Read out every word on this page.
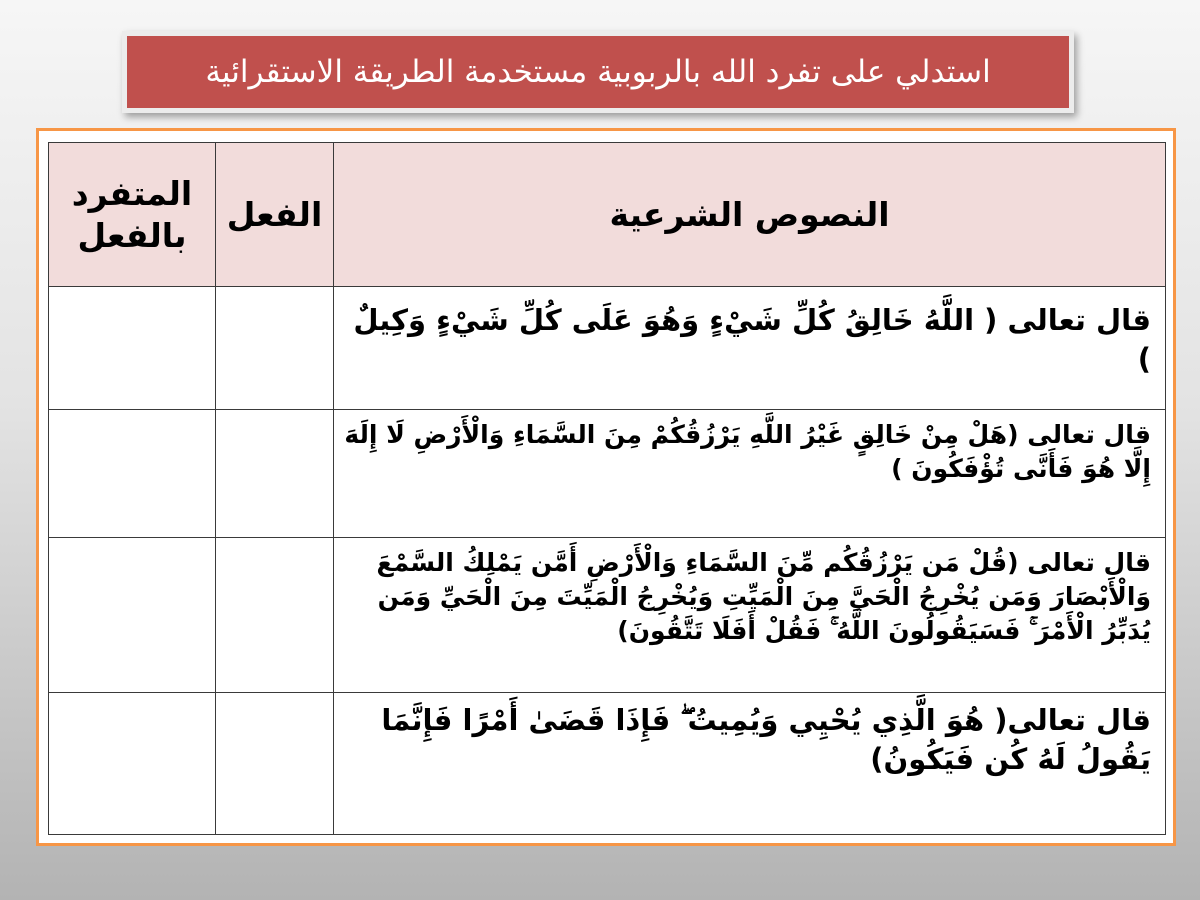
استدلي على تفرد الله بالربوبية مستخدمة الطريقة الاستقرائية
النصوص الشرعية	الفعل	المتفرد بالفعل
قال تعالى ( اللَّهُ خَالِقُ كُلِّ شَيْءٍ وَهُوَ عَلَى كُلِّ شَيْءٍ وَكِيلٌ )		
قال تعالى (هَلْ مِنْ خَالِقٍ غَيْرُ اللَّهِ يَرْزُقُكُمْ مِنَ السَّمَاءِ وَالْأَرْضِ لَا إِلَهَ إِلَّا هُوَ فَأَنَّى تُؤْفَكُونَ )		
قال تعالى (قُلْ مَن يَرْزُقُكُم مِّنَ السَّمَاءِ وَالْأَرْضِ أَمَّن يَمْلِكُ السَّمْعَ وَالْأَبْصَارَ وَمَن يُخْرِجُ الْحَيَّ مِنَ الْمَيِّتِ وَيُخْرِجُ الْمَيِّتَ مِنَ الْحَيِّ وَمَن يُدَبِّرُ الْأَمْرَ ۚ فَسَيَقُولُونَ اللَّهُ ۚ فَقُلْ أَفَلَا تَتَّقُونَ)		
قال تعالى( هُوَ الَّذِي يُحْيِي وَيُمِيتُ ۖ فَإِذَا قَضَىٰ أَمْرًا فَإِنَّمَا يَقُولُ لَهُ كُن فَيَكُونُ)		
